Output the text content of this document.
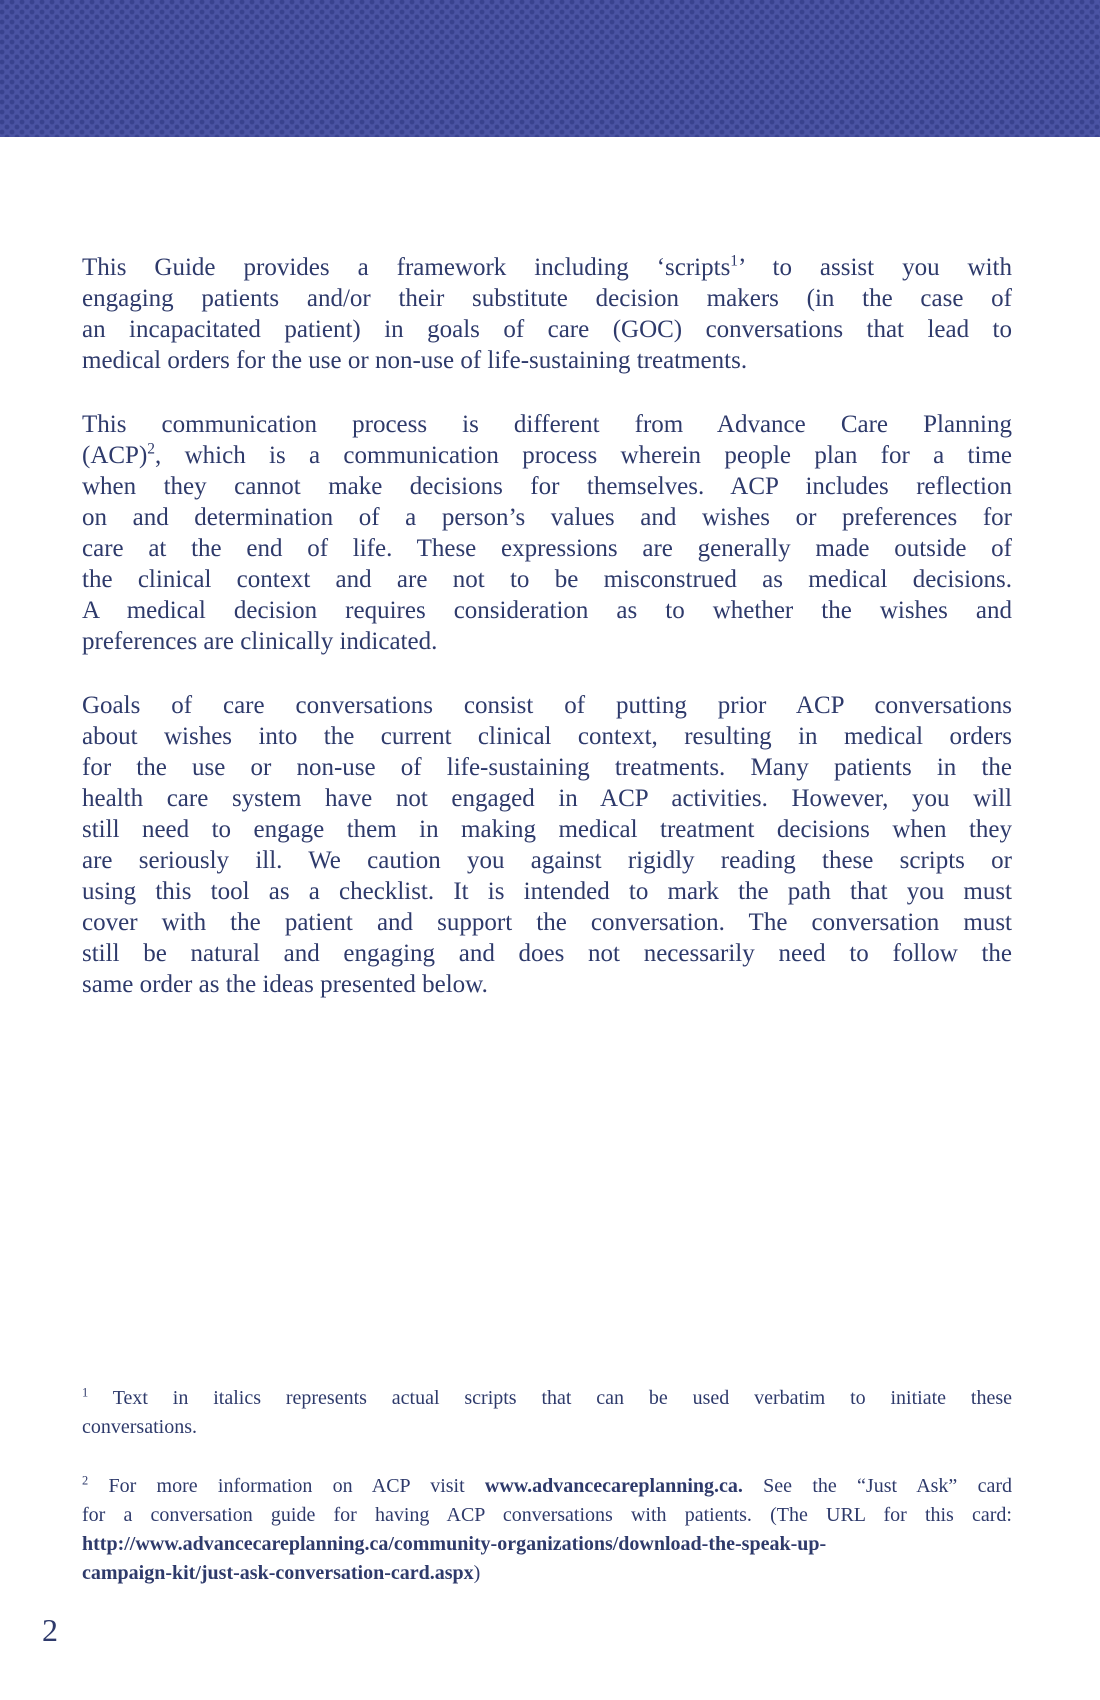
This Guide provides a framework including ‘scripts$^1$’ to assist you with
engaging patients and/or their substitute decision makers (in the case of
an incapacitated patient) in goals of care (GOC) conversations that lead to
medical orders for the use or non-use of life-sustaining treatments.
This communication process is different from Advance Care Planning
(ACP)$^2$, which is a communication process wherein people plan for a time
when they cannot make decisions for themselves. ACP includes reflection
on and determination of a person’s values and wishes or preferences for
care at the end of life. These expressions are generally made outside of
the clinical context and are not to be misconstrued as medical decisions.
A medical decision requires consideration as to whether the wishes and
preferences are clinically indicated.
Goals of care conversations consist of putting prior ACP conversations
about wishes into the current clinical context, resulting in medical orders
for the use or non-use of life-sustaining treatments. Many patients in the
health care system have not engaged in ACP activities. However, you will
still need to engage them in making medical treatment decisions when they
are seriously ill. We caution you against rigidly reading these scripts or
using this tool as a checklist. It is intended to mark the path that you must
cover with the patient and support the conversation. The conversation must
still be natural and engaging and does not necessarily need to follow the
same order as the ideas presented below.
$^1$ Text in italics represents actual scripts that can be used verbatim to initiate these
conversations.
$^2$ For more information on ACP visit www.advancecareplanning.ca. See the “Just Ask” card
for a conversation guide for having ACP conversations with patients. (The URL for this card:
http://www.advancecareplanning.ca/community-organizations/download-the-speak-up-
campaign-kit/just-ask-conversation-card.aspx)
2
